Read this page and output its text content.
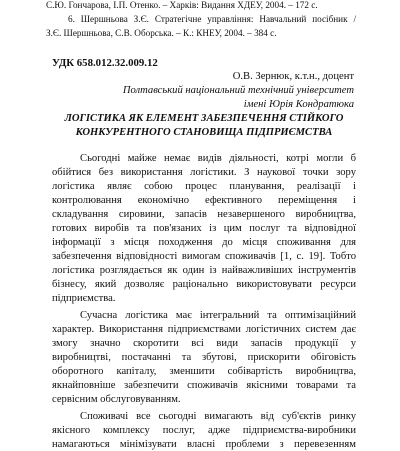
С.Ю. Гончарова, І.П. Отенко. – Харків: Видання ХДЕУ, 2004. – 172 с.

6. Шершньова З.Є. Стратегічне управління: Навчальний посібник /

З.Є. Шершньова, С.В. Оборська. – К.: КНЕУ, 2004. – 384 с.

УДК 658.012.32.009.12

О.В. Зернюк, к.т.н., доцент

Полтавський національний технічний університет

імені Юрія Кондратюка

ЛОГІСТИКА ЯК ЕЛЕМЕНТ ЗАБЕЗПЕЧЕННЯ СТІЙКОГО

КОНКУРЕНТНОГО СТАНОВИЩА ПІДПРИЄМСТВА

Сьогодні майже немає видів діяльності, котрі могли б

обійтися без використання логістики. З наукової точки зору

логістика являє собою процес планування, реалізації і

контролювання економічно ефективного переміщення і

складування сировини, запасів незавершеного виробництва,

готових виробів та пов'язаних із цим послуг та відповідної

інформації з місця походження до місця споживання для

забезпечення відповідності вимогам споживачів [1, с. 19]. Тобто

логістика розглядається як один із найважливіших інструментів

бізнесу, який дозволяє раціонально використовувати ресурси

підприємства.

Сучасна логістика має інтегральний та оптимізаційний

характер. Використання підприємствами логістичних систем дає

змогу значно скоротити всі види запасів продукції у

виробництві, постачанні та збутові, прискорити обіговість

оборотного капіталу, зменшити собівартість виробництва,

якнайповніше забезпечити споживачів якісними товарами та

сервісним обслуговуванням.

Споживачі все сьогодні вимагають від суб'єктів ринку

якісного комплексу послуг, адже підприємства-виробники

намагаються мінімізувати власні проблеми з перевезенням
